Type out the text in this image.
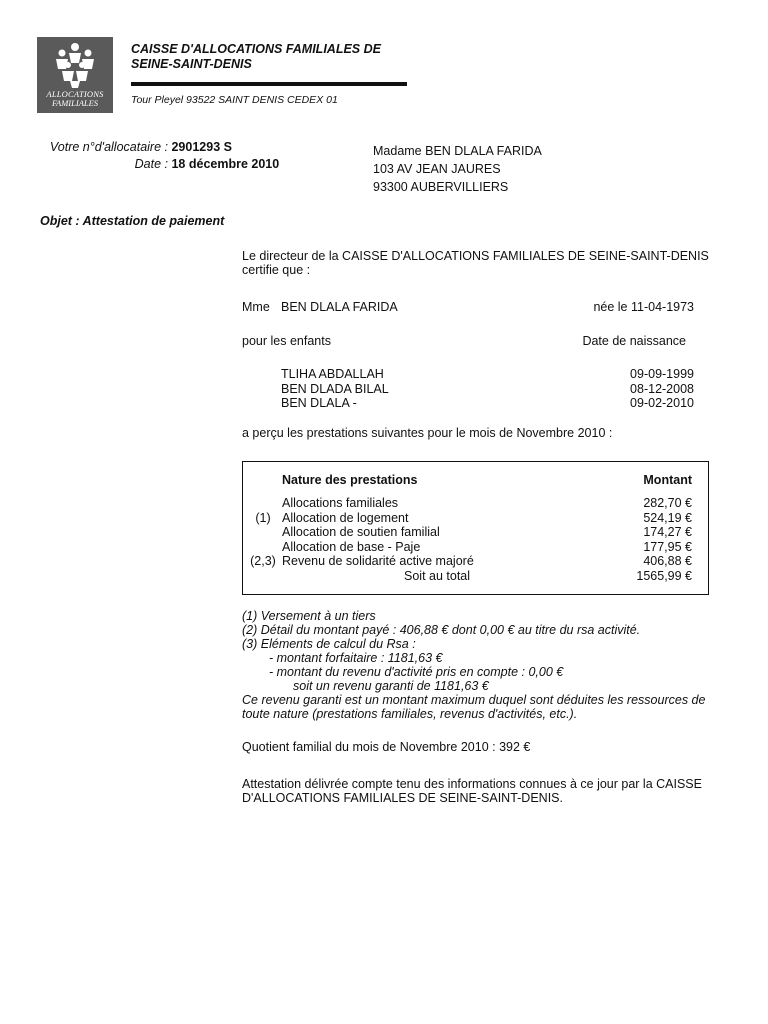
ALLOCATIONS
FAMILIALES
CAISSE D'ALLOCATIONS FAMILIALES DE
SEINE-SAINT-DENIS
Tour Pleyel 93522 SAINT DENIS CEDEX 01
Votre n°d'allocataire : 2901293 S
Date : 18 décembre 2010
Madame BEN DLALA FARIDA
103 AV JEAN JAURES
93300 AUBERVILLIERS
Objet : Attestation de paiement
Le directeur de la CAISSE D'ALLOCATIONS FAMILIALES DE SEINE-SAINT-DENIS certifie que :
Mme BEN DLALA FARIDA	née le 11-04-1973
pour les enfants	Date de naissance
TLIHA ABDALLAH	09-09-1999
BEN DLADA BILAL	08-12-2008
BEN DLALA -	09-02-2010
a perçu les prestations suivantes pour le mois de Novembre 2010 :
Nature des prestations	Montant
Allocations familiales	282,70 €
(1) Allocation de logement	524,19 €
Allocation de soutien familial	174,27 €
Allocation de base - Paje	177,95 €
(2,3) Revenu de solidarité active majoré	406,88 €
Soit au total	1565,99 €
(1) Versement à un tiers
(2) Détail du montant payé : 406,88 € dont 0,00 € au titre du rsa activité.
(3) Eléments de calcul du Rsa :
- montant forfaitaire : 1181,63 €
- montant du revenu d'activité pris en compte : 0,00 €
soit un revenu garanti de 1181,63 €
Ce revenu garanti est un montant maximum duquel sont déduites les ressources de toute nature (prestations familiales, revenus d'activités, etc.).
Quotient familial du mois de Novembre 2010 : 392 €
Attestation délivrée compte tenu des informations connues à ce jour par la CAISSE D'ALLOCATIONS FAMILIALES DE SEINE-SAINT-DENIS.
